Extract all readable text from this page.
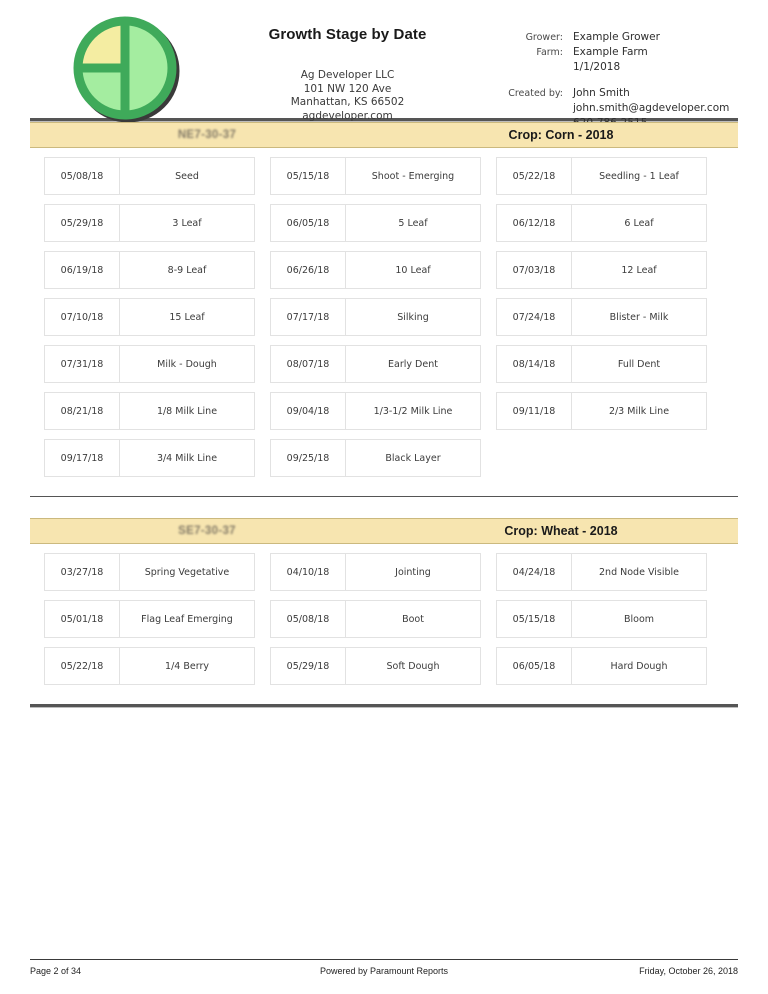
Growth Stage by Date
Ag Developer LLC
101 NW 120 Ave
Manhattan, KS 66502
agdeveloper.com
Grower: Example Grower
Farm: Example Farm
1/1/2018
Created by: John Smith
john.smith@agdeveloper.com
NE7-30-37	Crop: Corn - 2018
05/08/18	Seed	05/15/18	Shoot - Emerging	05/22/18	Seedling - 1 Leaf
05/29/18	3 Leaf	06/05/18	5 Leaf	06/12/18	6 Leaf
06/19/18	8-9 Leaf	06/26/18	10 Leaf	07/03/18	12 Leaf
07/10/18	15 Leaf	07/17/18	Silking	07/24/18	Blister - Milk
07/31/18	Milk - Dough	08/07/18	Early Dent	08/14/18	Full Dent
08/21/18	1/8 Milk Line	09/04/18	1/3-1/2 Milk Line	09/11/18	2/3 Milk Line
09/17/18	3/4 Milk Line	09/25/18	Black Layer
SE7-30-37	Crop: Wheat - 2018
03/27/18	Spring Vegetative	04/10/18	Jointing	04/24/18	2nd Node Visible
05/01/18	Flag Leaf Emerging	05/08/18	Boot	05/15/18	Bloom
05/22/18	1/4 Berry	05/29/18	Soft Dough	06/05/18	Hard Dough
Page 2 of 34	Powered by Paramount Reports	Friday, October 26, 2018
